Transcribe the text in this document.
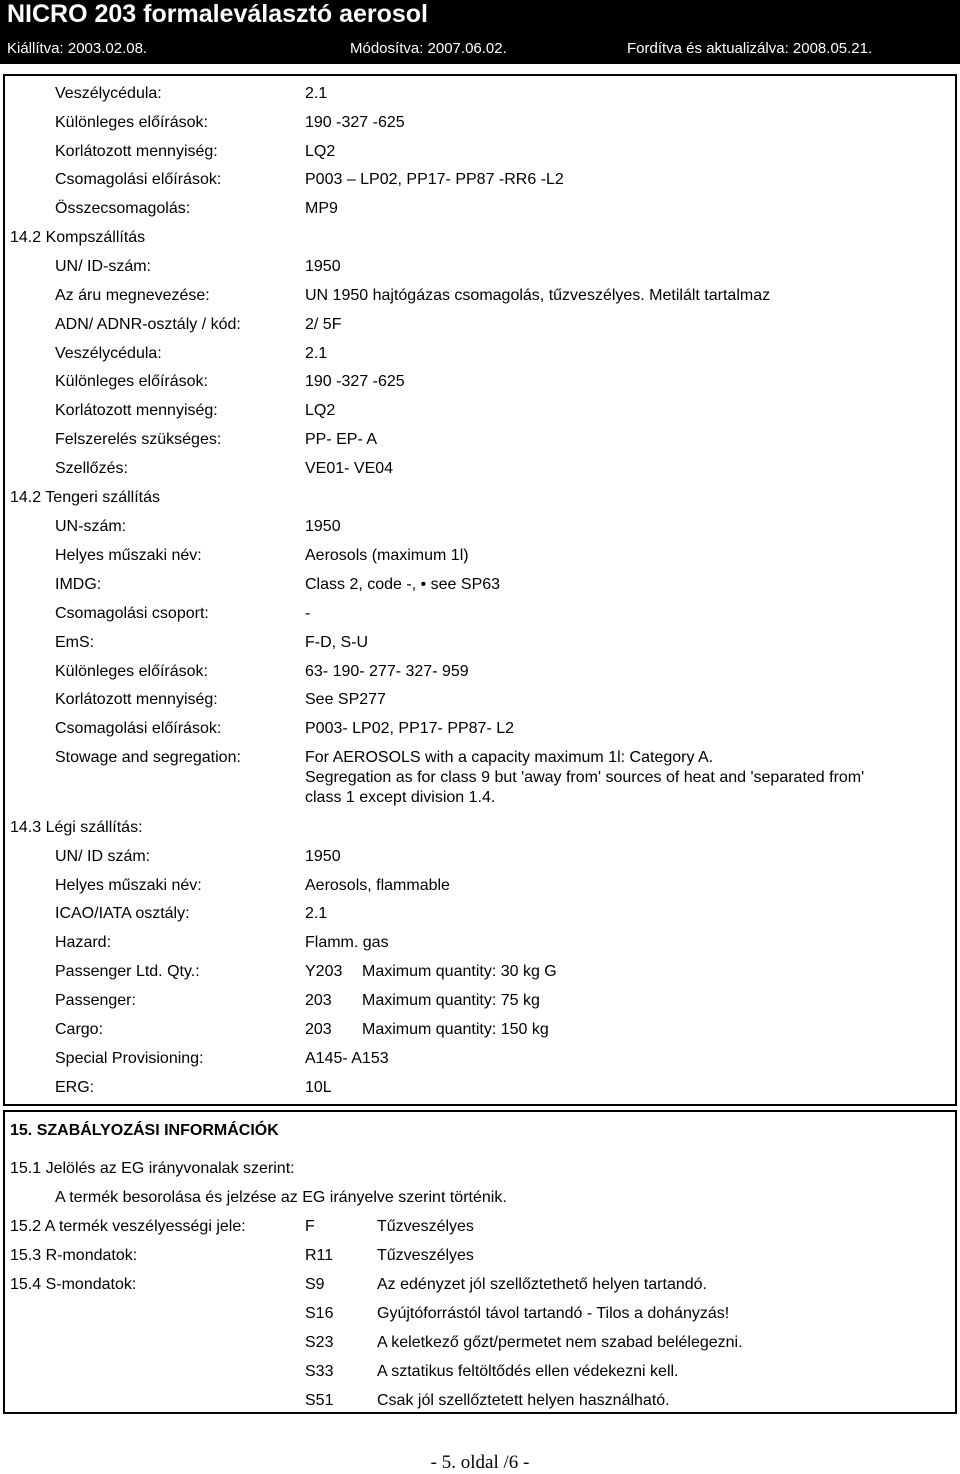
NICRO 203 formaleválasztó aerosol
Kiállítva: 2003.02.08.	Módosítva: 2007.06.02.	Fordítva és aktualizálva: 2008.05.21.
Veszélycédula:	2.1
Különleges előírások:	190 -327 -625
Korlátozott mennyiség:	LQ2
Csomagolási előírások:	P003 – LP02, PP17- PP87 -RR6 -L2
Összecsomagolás:	MP9
14.2 Kompszállítás
UN/ ID-szám:	1950
Az áru megnevezése:	UN 1950 hajtógázas csomagolás, tűzveszélyes. Metilált tartalmaz
ADN/ ADNR-osztály / kód:	2/ 5F
Veszélycédula:	2.1
Különleges előírások:	190 -327 -625
Korlátozott mennyiség:	LQ2
Felszerelés szükséges:	PP- EP- A
Szellőzés:	VE01- VE04
14.2 Tengeri szállítás
UN-szám:	1950
Helyes műszaki név:	Aerosols (maximum 1l)
IMDG:	Class 2, code -, • see SP63
Csomagolási csoport:	-
EmS:	F-D, S-U
Különleges előírások:	63- 190- 277- 327- 959
Korlátozott mennyiség:	See SP277
Csomagolási előírások:	P003- LP02, PP17- PP87- L2
Stowage and segregation:	For AEROSOLS with a capacity maximum 1l: Category A.
Segregation as for class 9 but 'away from' sources of heat and 'separated from'
class 1 except division 1.4.
14.3 Légi szállítás:
UN/ ID szám:	1950
Helyes műszaki név:	Aerosols, flammable
ICAO/IATA osztály:	2.1
Hazard:	Flamm. gas
Passenger Ltd. Qty.:	Y203 Maximum quantity: 30 kg G
Passenger:	203 Maximum quantity: 75 kg
Cargo:	203 Maximum quantity: 150 kg
Special Provisioning:	A145- A153
ERG:	10L
15. SZABÁLYOZÁSI INFORMÁCIÓK
15.1 Jelölés az EG irányvonalak szerint:
A termék besorolása és jelzése az EG irányelve szerint történik.
15.2 A termék veszélyességi jele:	F	Tűzveszélyes
15.3 R-mondatok:	R11	Tűzveszélyes
15.4 S-mondatok:	S9	Az edényzet jól szellőztethető helyen tartandó.
S16	Gyújtóforrástól távol tartandó - Tilos a dohányzás!
S23	A keletkező gőzt/permetet nem szabad belélegezni.
S33	A sztatikus feltöltődés ellen védekezni kell.
S51	Csak jól szellőztetett helyen használható.
- 5. oldal /6 -
